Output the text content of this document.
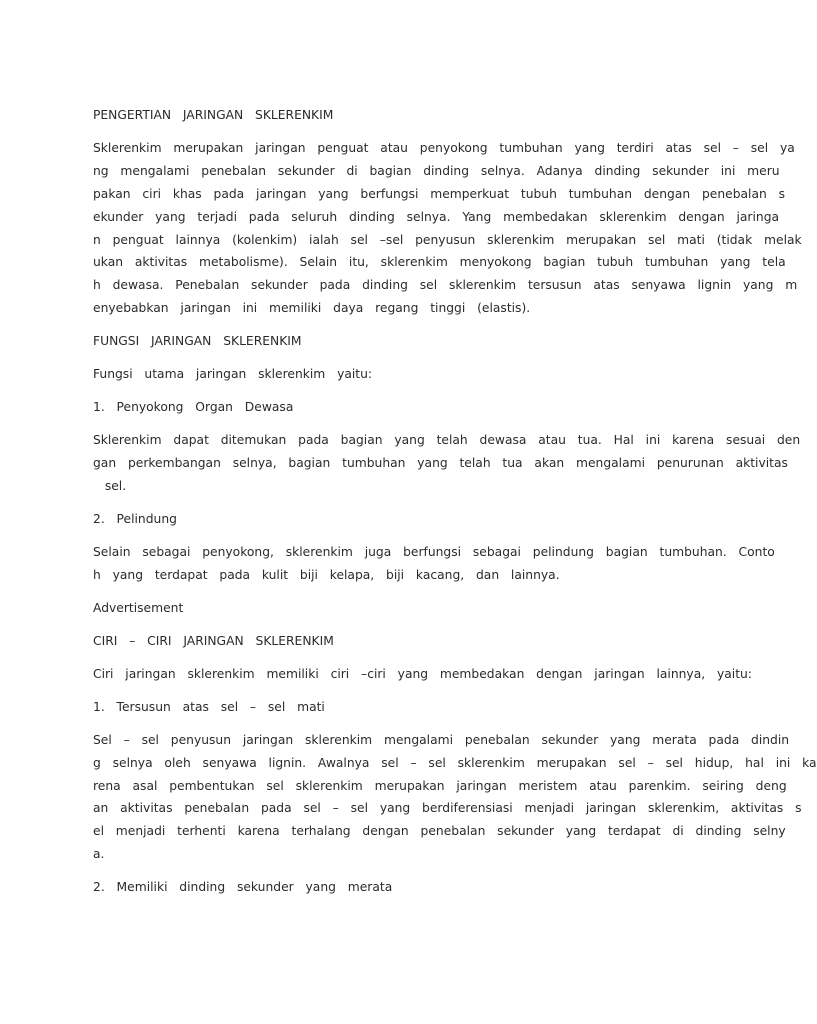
PENGERTIAN  JARINGAN  SKLERENKIM
Sklerenkim  merupakan  jaringan  penguat  atau  penyokong  tumbuhan  yang  terdiri  atas  sel  –  sel  ya
ng  mengalami  penebalan  sekunder  di  bagian  dinding  selnya.  Adanya  dinding  sekunder  ini  meru
pakan  ciri  khas  pada  jaringan  yang  berfungsi  memperkuat  tubuh  tumbuhan  dengan  penebalan  s
ekunder  yang  terjadi  pada  seluruh  dinding  selnya.  Yang  membedakan  sklerenkim  dengan  jaringa
n  penguat  lainnya  (kolenkim)  ialah  sel  –sel  penyusun  sklerenkim  merupakan  sel  mati  (tidak  melak
ukan  aktivitas  metabolisme).  Selain  itu,  sklerenkim  menyokong  bagian  tubuh  tumbuhan  yang  tela
h  dewasa.  Penebalan  sekunder  pada  dinding  sel  sklerenkim  tersusun  atas  senyawa  lignin  yang  m
enyebabkan  jaringan  ini  memiliki  daya  regang  tinggi  (elastis).
FUNGSI  JARINGAN  SKLERENKIM
Fungsi  utama  jaringan  sklerenkim  yaitu:
1.  Penyokong  Organ  Dewasa
Sklerenkim  dapat  ditemukan  pada  bagian  yang  telah  dewasa  atau  tua.  Hal  ini  karena  sesuai  den
gan  perkembangan  selnya,  bagian  tumbuhan  yang  telah  tua  akan  mengalami  penurunan  aktivitas
sel.
2.  Pelindung
Selain  sebagai  penyokong,  sklerenkim  juga  berfungsi  sebagai  pelindung  bagian  tumbuhan.  Conto
h  yang  terdapat  pada  kulit  biji  kelapa,  biji  kacang,  dan  lainnya.
Advertisement
CIRI  –  CIRI  JARINGAN  SKLERENKIM
Ciri  jaringan  sklerenkim  memiliki  ciri  –ciri  yang  membedakan  dengan  jaringan  lainnya,  yaitu:
1.  Tersusun  atas  sel  –  sel  mati
Sel  –  sel  penyusun  jaringan  sklerenkim  mengalami  penebalan  sekunder  yang  merata  pada  dindin
g  selnya  oleh  senyawa  lignin.  Awalnya  sel  –  sel  sklerenkim  merupakan  sel  –  sel  hidup,  hal  ini  ka
rena  asal  pembentukan  sel  sklerenkim  merupakan  jaringan  meristem  atau  parenkim.  seiring  deng
an  aktivitas  penebalan  pada  sel  –  sel  yang  berdiferensiasi  menjadi  jaringan  sklerenkim,  aktivitas  s
el  menjadi  terhenti  karena  terhalang  dengan  penebalan  sekunder  yang  terdapat  di  dinding  selny
a.
2.  Memiliki  dinding  sekunder  yang  merata
